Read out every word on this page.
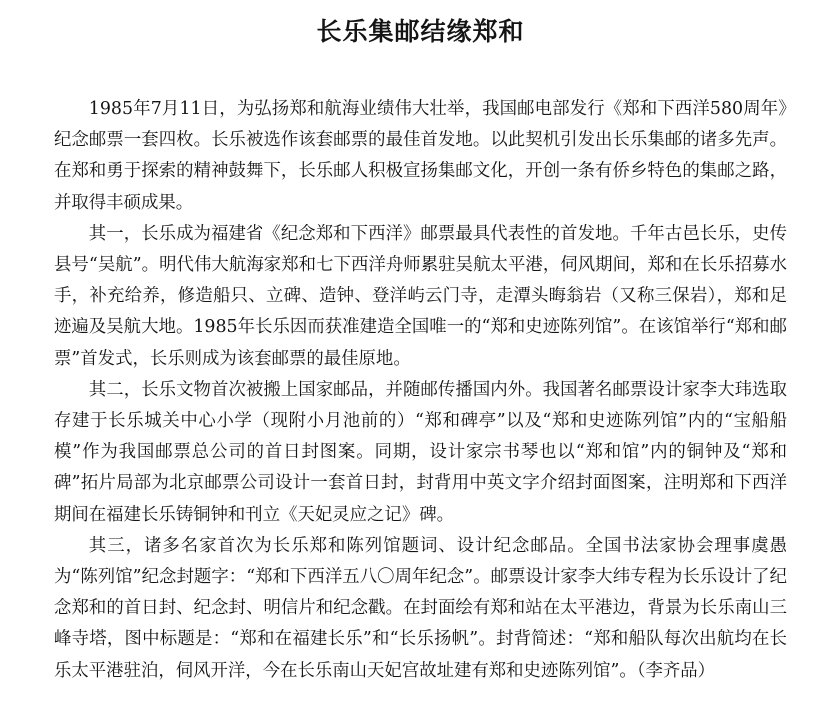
长乐集邮结缘郑和

1985年7月11日，为弘扬郑和航海业绩伟大壮举，我国邮电部发行《郑和下西洋580周年》纪念邮票一套四枚。长乐被选作该套邮票的最佳首发地。以此契机引发出长乐集邮的诸多先声。在郑和勇于探索的精神鼓舞下，长乐邮人积极宣扬集邮文化，开创一条有侨乡特色的集邮之路，并取得丰硕成果。

其一，长乐成为福建省《纪念郑和下西洋》邮票最具代表性的首发地。千年古邑长乐，史传县号“吴航”。明代伟大航海家郑和七下西洋舟师累驻吴航太平港，伺风期间，郑和在长乐招募水手，补充给养，修造船只、立碑、造钟、登洋屿云门寺，走潭头晦翁岩（又称三保岩），郑和足迹遍及吴航大地。1985年长乐因而获准建造全国唯一的“郑和史迹陈列馆”。在该馆举行“郑和邮票”首发式，长乐则成为该套邮票的最佳原地。

其二，长乐文物首次被搬上国家邮品，并随邮传播国内外。我国著名邮票设计家李大玮选取存建于长乐城关中心小学（现附小月池前的）“郑和碑亭”以及“郑和史迹陈列馆”内的“宝船船模”作为我国邮票总公司的首日封图案。同期，设计家宗书琴也以“郑和馆”内的铜钟及“郑和碑”拓片局部为北京邮票公司设计一套首日封，封背用中英文字介绍封面图案，注明郑和下西洋期间在福建长乐铸铜钟和刊立《天妃灵应之记》碑。

其三，诸多名家首次为长乐郑和陈列馆题词、设计纪念邮品。全国书法家协会理事虞愚为“陈列馆”纪念封题字：“郑和下西洋五八〇周年纪念”。邮票设计家李大纬专程为长乐设计了纪念郑和的首日封、纪念封、明信片和纪念戳。在封面绘有郑和站在太平港边，背景为长乐南山三峰寺塔，图中标题是：“郑和在福建长乐”和“长乐扬帆”。封背简述：“郑和船队每次出航均在长乐太平港驻泊，伺风开洋，今在长乐南山天妃宫故址建有郑和史迹陈列馆”。（李齐品）
